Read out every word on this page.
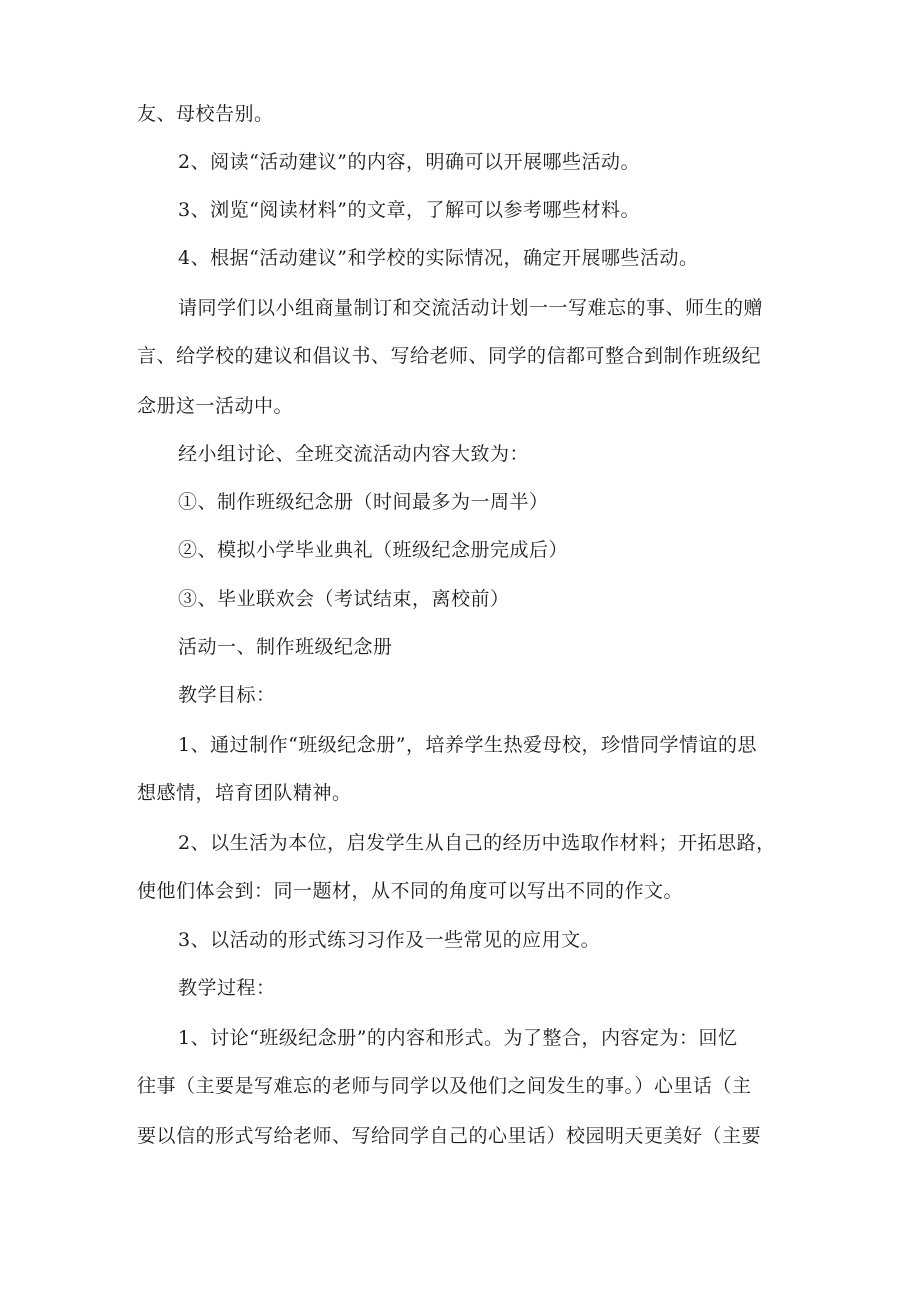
友、母校告别。
2、阅读“活动建议”的内容，明确可以开展哪些活动。
3、浏览“阅读材料”的文章，了解可以参考哪些材料。
4、根据“活动建议”和学校的实际情况，确定开展哪些活动。
请同学们以小组商量制订和交流活动计划一一写难忘的事、师生的赠
言、给学校的建议和倡议书、写给老师、同学的信都可整合到制作班级纪
念册这一活动中。
经小组讨论、全班交流活动内容大致为：
①、制作班级纪念册（时间最多为一周半）
②、模拟小学毕业典礼（班级纪念册完成后）
③、毕业联欢会（考试结束，离校前）
活动一、制作班级纪念册
教学目标：
1、通过制作“班级纪念册”，培养学生热爱母校，珍惜同学情谊的思
想感情，培育团队精神。
2、以生活为本位，启发学生从自己的经历中选取作材料；开拓思路，
使他们体会到：同一题材，从不同的角度可以写出不同的作文。
3、以活动的形式练习习作及一些常见的应用文。
教学过程：
1、讨论“班级纪念册”的内容和形式。为了整合，内容定为：回忆
往事（主要是写难忘的老师与同学以及他们之间发生的事。）心里话（主
要以信的形式写给老师、写给同学自己的心里话）校园明天更美好（主要
